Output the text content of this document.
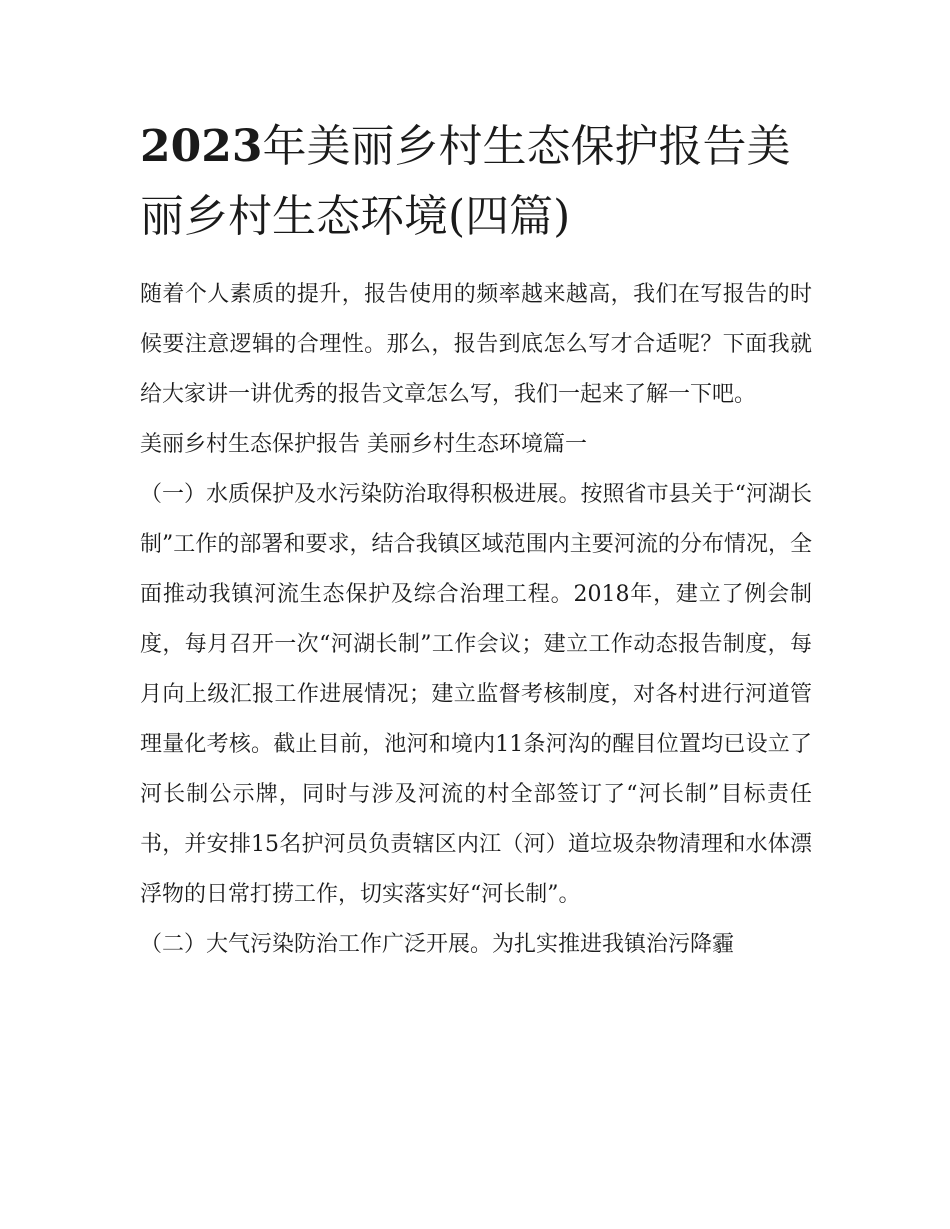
2023年美丽乡村生态保护报告美丽乡村生态环境(四篇)

随着个人素质的提升，报告使用的频率越来越高，我们在写报告的时候要注意逻辑的合理性。那么，报告到底怎么写才合适呢？下面我就给大家讲一讲优秀的报告文章怎么写，我们一起来了解一下吧。

美丽乡村生态保护报告 美丽乡村生态环境篇一

（一）水质保护及水污染防治取得积极进展。按照省市县关于“河湖长制”工作的部署和要求，结合我镇区域范围内主要河流的分布情况，全面推动我镇河流生态保护及综合治理工程。2018年，建立了例会制度，每月召开一次“河湖长制”工作会议；建立工作动态报告制度，每月向上级汇报工作进展情况；建立监督考核制度，对各村进行河道管理量化考核。截止目前，池河和境内11条河沟的醒目位置均已设立了河长制公示牌，同时与涉及河流的村全部签订了“河长制”目标责任书，并安排15名护河员负责辖区内江（河）道垃圾杂物清理和水体漂浮物的日常打捞工作，切实落实好“河长制”。

（二）大气污染防治工作广泛开展。为扎实推进我镇治污降霾
